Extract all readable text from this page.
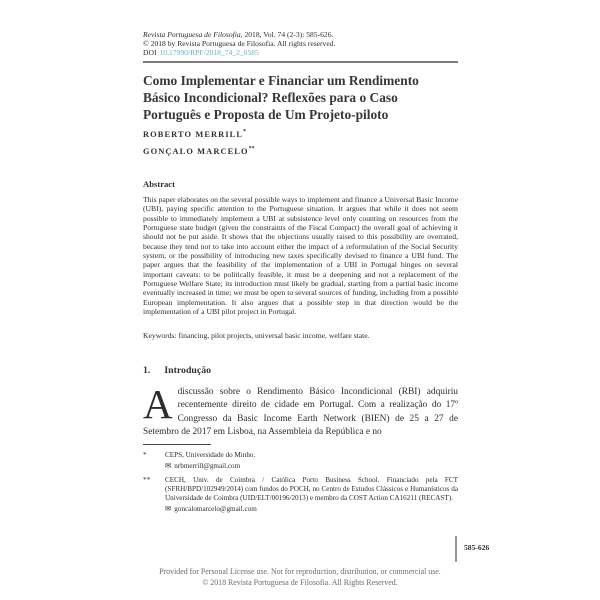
Revista Portuguesa de Filosofia, 2018, Vol. 74 (2-3): 585-626.
© 2018 by Revista Portuguesa de Filosofia. All rights reserved.
DOI 10.17990/RPF/2018_74_2_0585
Como Implementar e Financiar um Rendimento Básico Incondicional? Reflexões para o Caso Português e Proposta de Um Projeto-piloto
ROBERTO MERRILL*
GONÇALO MARCELO**
Abstract

This paper elaborates on the several possible ways to implement and finance a Universal Basic Income (UBI), paying specific attention to the Portuguese situation. It argues that while it does not seem possible to immediately implement a UBI at subsistence level only counting on resources from the Portuguese state budget (given the constraints of the Fiscal Compact) the overall goal of achieving it should not be put aside. It shows that the objections usually raised to this possibility are overrated, because they tend not to take into account either the impact of a reformulation of the Social Security system, or the possibility of introducing new taxes specifically devised to finance a UBI fund. The paper argues that the feasibility of the implementation of a UBI in Portugal hinges on several important caveats: to be politically feasible, it must be a deepening and not a replacement of the Portuguese Welfare State; its introduction must likely be gradual, starting from a partial basic income eventually increased in time; we must be open to several sources of funding, including from a possible European implementation. It also argues that a possible step in that direction would be the implementation of a UBI pilot project in Portugal.

Keywords: financing, pilot projects, universal basic income, welfare state.
1. Introdução

Adiscussão sobre o Rendimento Básico Incondicional (RBI) adquiriu recentemente direito de cidade em Portugal. Com a realização do 17º Congresso da Basic Income Earth Network (BIEN) de 25 a 27 de Setembro de 2017 em Lisboa, na Assembleia da República e no

*	CEPS, Universidade do Minho.
✉ nrbmerrill@gmail.com
**	CECH, Univ. de Coimbra / Católica Porto Business School. Financiado pela FCT (SFRH/BPD/102949/2014) com fundos do POCH, no Centro de Estudos Clássicos e Humanísticos da Universidade de Coimbra (UID/ELT/00196/2013) e membro da COST Action CA16211 (RECAST).
✉ goncalomarcelo@gmail.com
585-626
Provided for Personal License use. Not for reproduction, distribution, or commercial use.
© 2018 Revista Portuguesa de Filosofia. All Rights Reserved.
